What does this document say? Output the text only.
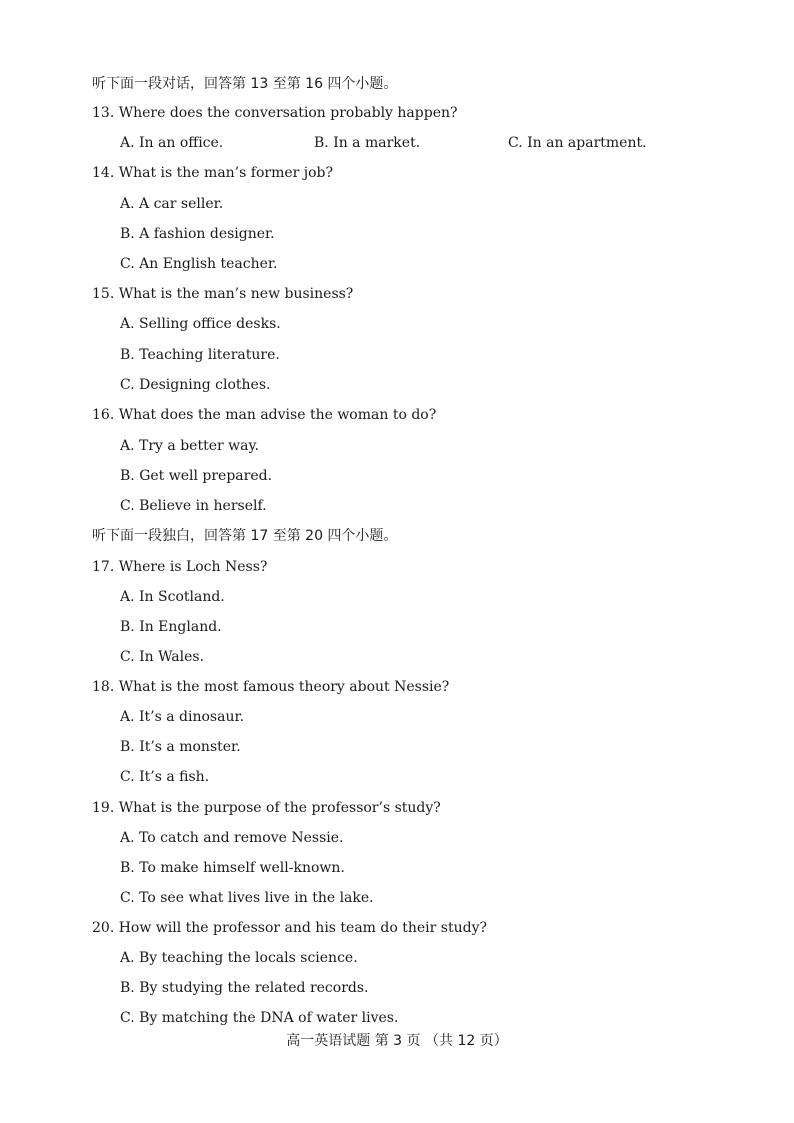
听下面一段对话，回答第 13 至第 16 四个小题。
13. Where does the conversation probably happen?
A. In an office.	B. In a market.	C. In an apartment.
14. What is the man’s former job?
A. A car seller.
B. A fashion designer.
C. An English teacher.
15. What is the man’s new business?
A. Selling office desks.
B. Teaching literature.
C. Designing clothes.
16. What does the man advise the woman to do?
A. Try a better way.
B. Get well prepared.
C. Believe in herself.
听下面一段独白，回答第 17 至第 20 四个小题。
17. Where is Loch Ness?
A. In Scotland.
B. In England.
C. In Wales.
18. What is the most famous theory about Nessie?
A. It’s a dinosaur.
B. It’s a monster.
C. It’s a fish.
19. What is the purpose of the professor’s study?
A. To catch and remove Nessie.
B. To make himself well-known.
C. To see what lives live in the lake.
20. How will the professor and his team do their study?
A. By teaching the locals science.
B. By studying the related records.
C. By matching the DNA of water lives.
高一英语试题 第 3 页 （共 12 页）
